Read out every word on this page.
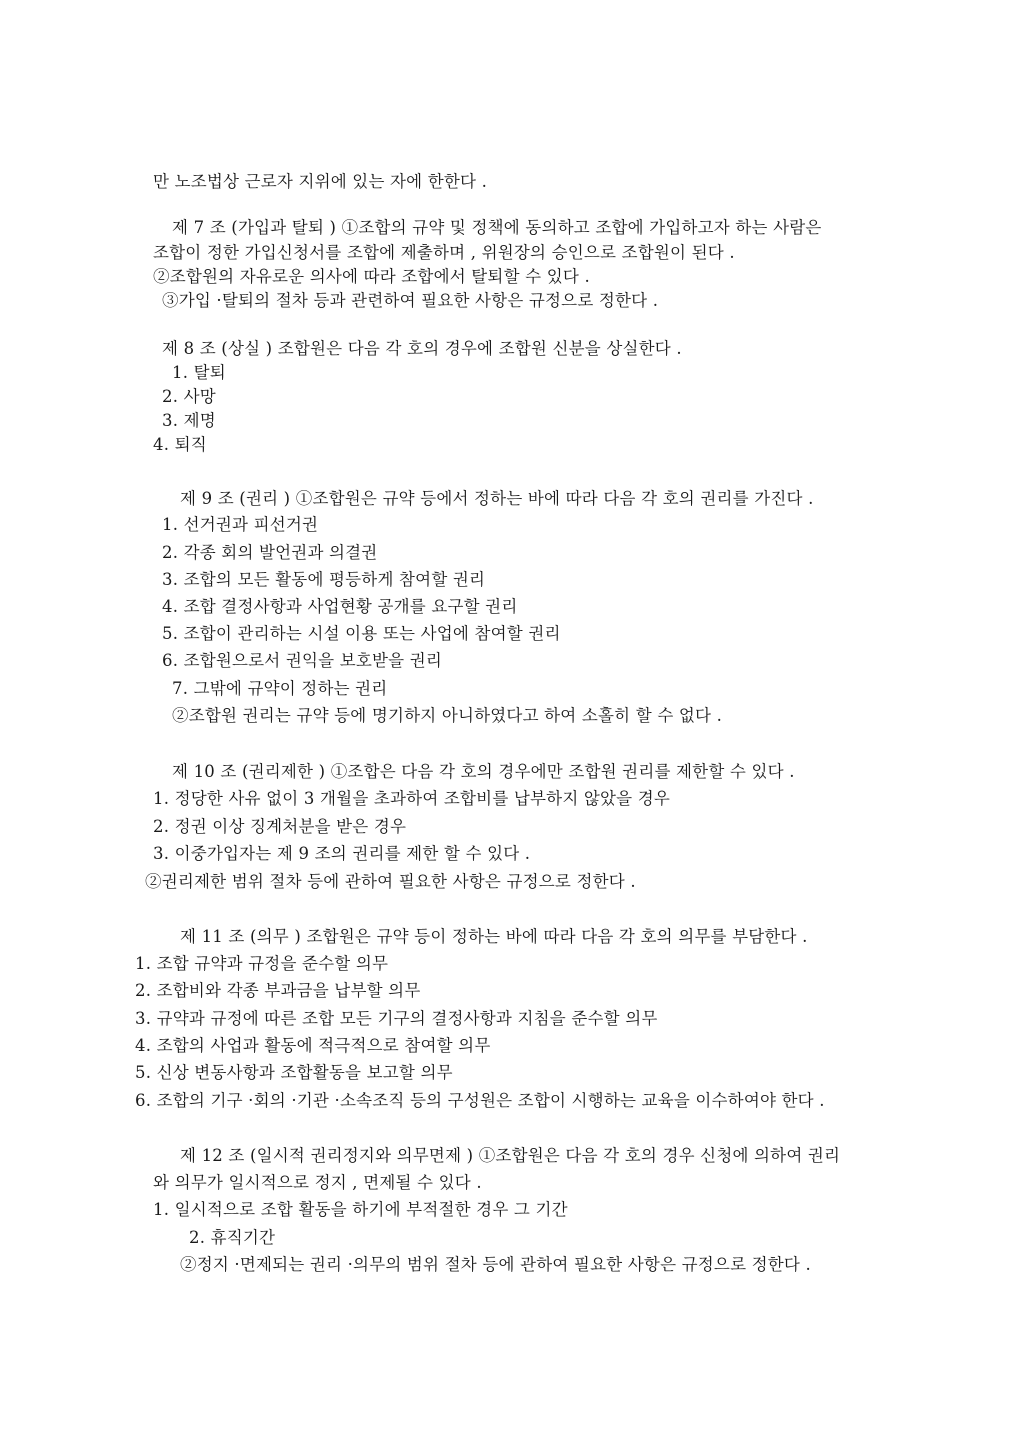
만 노조법상 근로자 지위에 있는 자에 한한다 .
제 7 조 (가입과 탈퇴 ) ①조합의 규약 및 정책에 동의하고 조합에 가입하고자 하는 사람은
조합이 정한 가입신청서를 조합에 제출하며 , 위원장의 승인으로 조합원이 된다 .
②조합원의 자유로운 의사에 따라 조합에서 탈퇴할 수 있다 .
③가입 ·탈퇴의 절차 등과 관련하여 필요한 사항은 규정으로 정한다 .
제 8 조 (상실 ) 조합원은 다음 각 호의 경우에 조합원 신분을 상실한다 .
1. 탈퇴
2. 사망
3. 제명
4. 퇴직
제 9 조 (권리 ) ①조합원은 규약 등에서 정하는 바에 따라 다음 각 호의 권리를 가진다 .
1. 선거권과 피선거권
2. 각종 회의 발언권과 의결권
3. 조합의 모든 활동에 평등하게 참여할 권리
4. 조합 결정사항과 사업현황 공개를 요구할 권리
5. 조합이 관리하는 시설 이용 또는 사업에 참여할 권리
6. 조합원으로서 권익을 보호받을 권리
7. 그밖에 규약이 정하는 권리
②조합원 권리는 규약 등에 명기하지 아니하였다고 하여 소홀히 할 수 없다 .
제 10 조 (권리제한 ) ①조합은 다음 각 호의 경우에만 조합원 권리를 제한할 수 있다 .
1. 정당한 사유 없이 3 개월을 초과하여 조합비를 납부하지 않았을 경우
2. 정권 이상 징계처분을 받은 경우
3. 이중가입자는 제 9 조의 권리를 제한 할 수 있다 .
②권리제한 범위 절차 등에 관하여 필요한 사항은 규정으로 정한다 .
제 11 조 (의무 ) 조합원은 규약 등이 정하는 바에 따라 다음 각 호의 의무를 부담한다 .
1. 조합 규약과 규정을 준수할 의무
2. 조합비와 각종 부과금을 납부할 의무
3. 규약과 규정에 따른 조합 모든 기구의 결정사항과 지침을 준수할 의무
4. 조합의 사업과 활동에 적극적으로 참여할 의무
5. 신상 변동사항과 조합활동을 보고할 의무
6. 조합의 기구 ·회의 ·기관 ·소속조직 등의 구성원은 조합이 시행하는 교육을 이수하여야 한다 .
제 12 조 (일시적 권리정지와 의무면제 ) ①조합원은 다음 각 호의 경우 신청에 의하여 권리
와 의무가 일시적으로 정지 , 면제될 수 있다 .
1. 일시적으로 조합 활동을 하기에 부적절한 경우 그 기간
2. 휴직기간
②정지 ·면제되는 권리 ·의무의 범위 절차 등에 관하여 필요한 사항은 규정으로 정한다 .
